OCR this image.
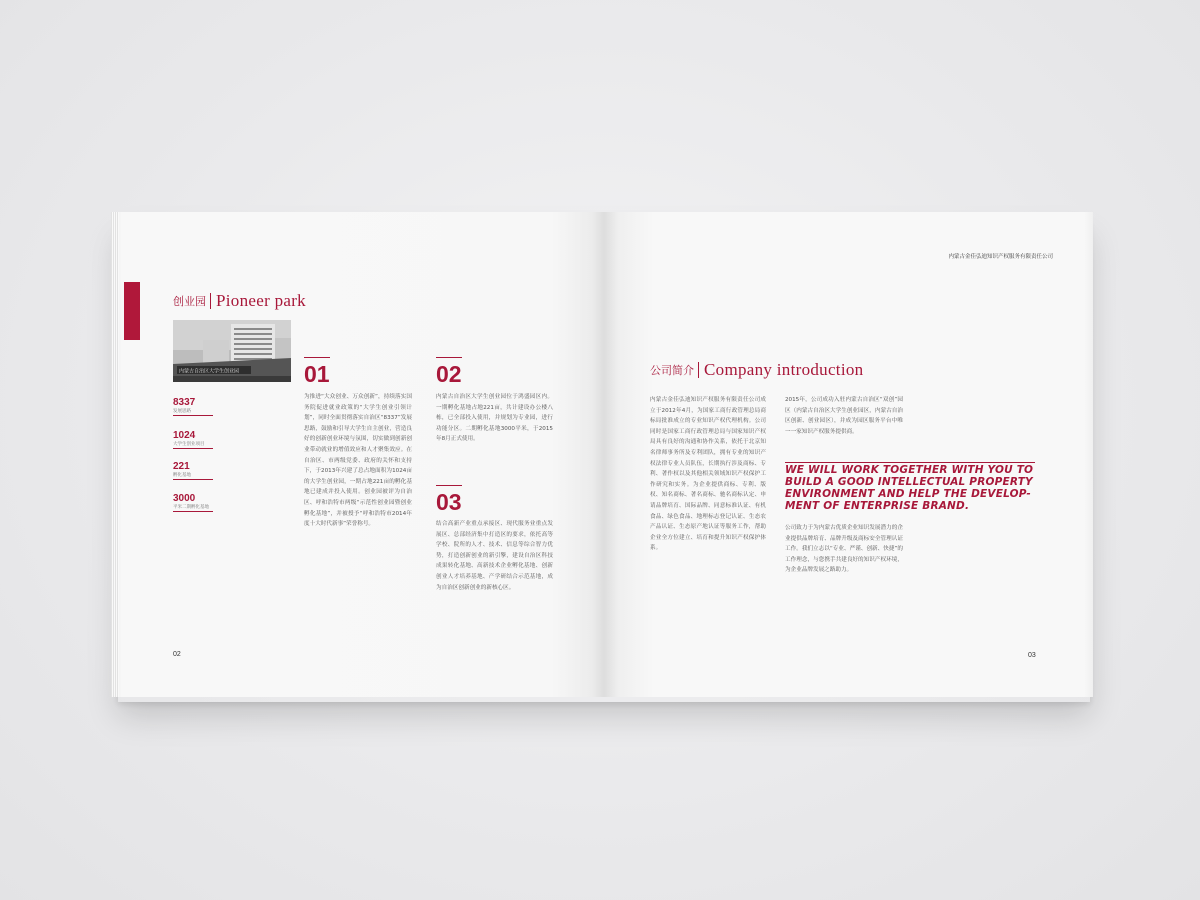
创业园 Pioneer park
内蒙古自治区大学生创业园
8337
发展思路
1024
大学生创业项目
221
孵化基地
3000
平米二期孵化基地
01
为推进“大众创业、万众创新”，持续落实国务院促进就业政策的“大学生创业引领计划”，同时全面贯彻落实自治区“8337”发展思路，鼓励和引导大学生自主创业，营造良好的创新创业环境与氛围，切实做到创新创业带动就业的增值效应和人才聚集效应。在自治区、市两级党委、政府的关怀和支持下，于2013年兴建了总占地面积为1024亩的大学生创业园，一期占地221亩的孵化基地已建成并投入使用。创业园被评为自治区、呼和浩特市两级“示范性创业园暨创业孵化基地”，并被授予“呼和浩特市2014年度十大时代新事”荣誉称号。
02
内蒙古自治区大学生创业园位于鸿盛园区内。一期孵化基地占地221亩，共计建设办公楼八栋，已全部投入使用，并规划为专业园，进行功能分区。二期孵化基地3000平米，于2015年8月正式使用。
03
结合高新产业重点承接区、现代服务业重点发展区、总部经济集中打造区的要求，依托高等学校、院所的人才、技术、信息等综合智力优势，打造创新创业的新引擎，建设自治区科技成果转化基地、高新技术企业孵化基地、创新创业人才培养基地、产学研结合示范基地，成为自治区创新创业的新核心区。
02
内蒙古金佳弘迪知识产权服务有限责任公司
公司简介 Company introduction
内蒙古金佳弘迪知识产权服务有限责任公司成立于2012年4月，为国家工商行政管理总局商标局批准成立的专业知识产权代理机构。公司同时是国家工商行政管理总局与国家知识产权局具有良好的沟通和协作关系，依托于北京知名律师事务所及专利团队，拥有专业的知识产权法律专业人员队伍，长期执行涉及商标、专利、著作权以及其他相关领域知识产权保护工作研究和实务。为企业提供商标、专利、版权、知名商标、著名商标、驰名商标认定、申请品牌培育、国际品牌、同意标准认证、有机食品、绿色食品、地理标志登记认证、生态农产品认证、生态原产地认证等服务工作，帮助企业全方位建立、培育和提升知识产权保护体系。
2015年，公司成功入驻内蒙古自治区“双创”园区（内蒙古自治区大学生创业园区，内蒙古自治区创新、创业园区），并成为园区服务平台中唯一一家知识产权服务提供商。
WE WILL WORK TOGETHER WITH YOU TO BUILD A GOOD INTELLECTUAL PROPERTY ENVIRONMENT AND HELP THE DEVELOP-MENT OF ENTERPRISE BRAND.
公司致力于为内蒙古优质企业知识发展潜力的企业提供品牌培育、品牌升级及商标安全管理认证工作。我们立志以“专业、严谨、创新、快捷”的工作理念，与您携手共建良好的知识产权环境，为企业品牌发展之路助力。
03
